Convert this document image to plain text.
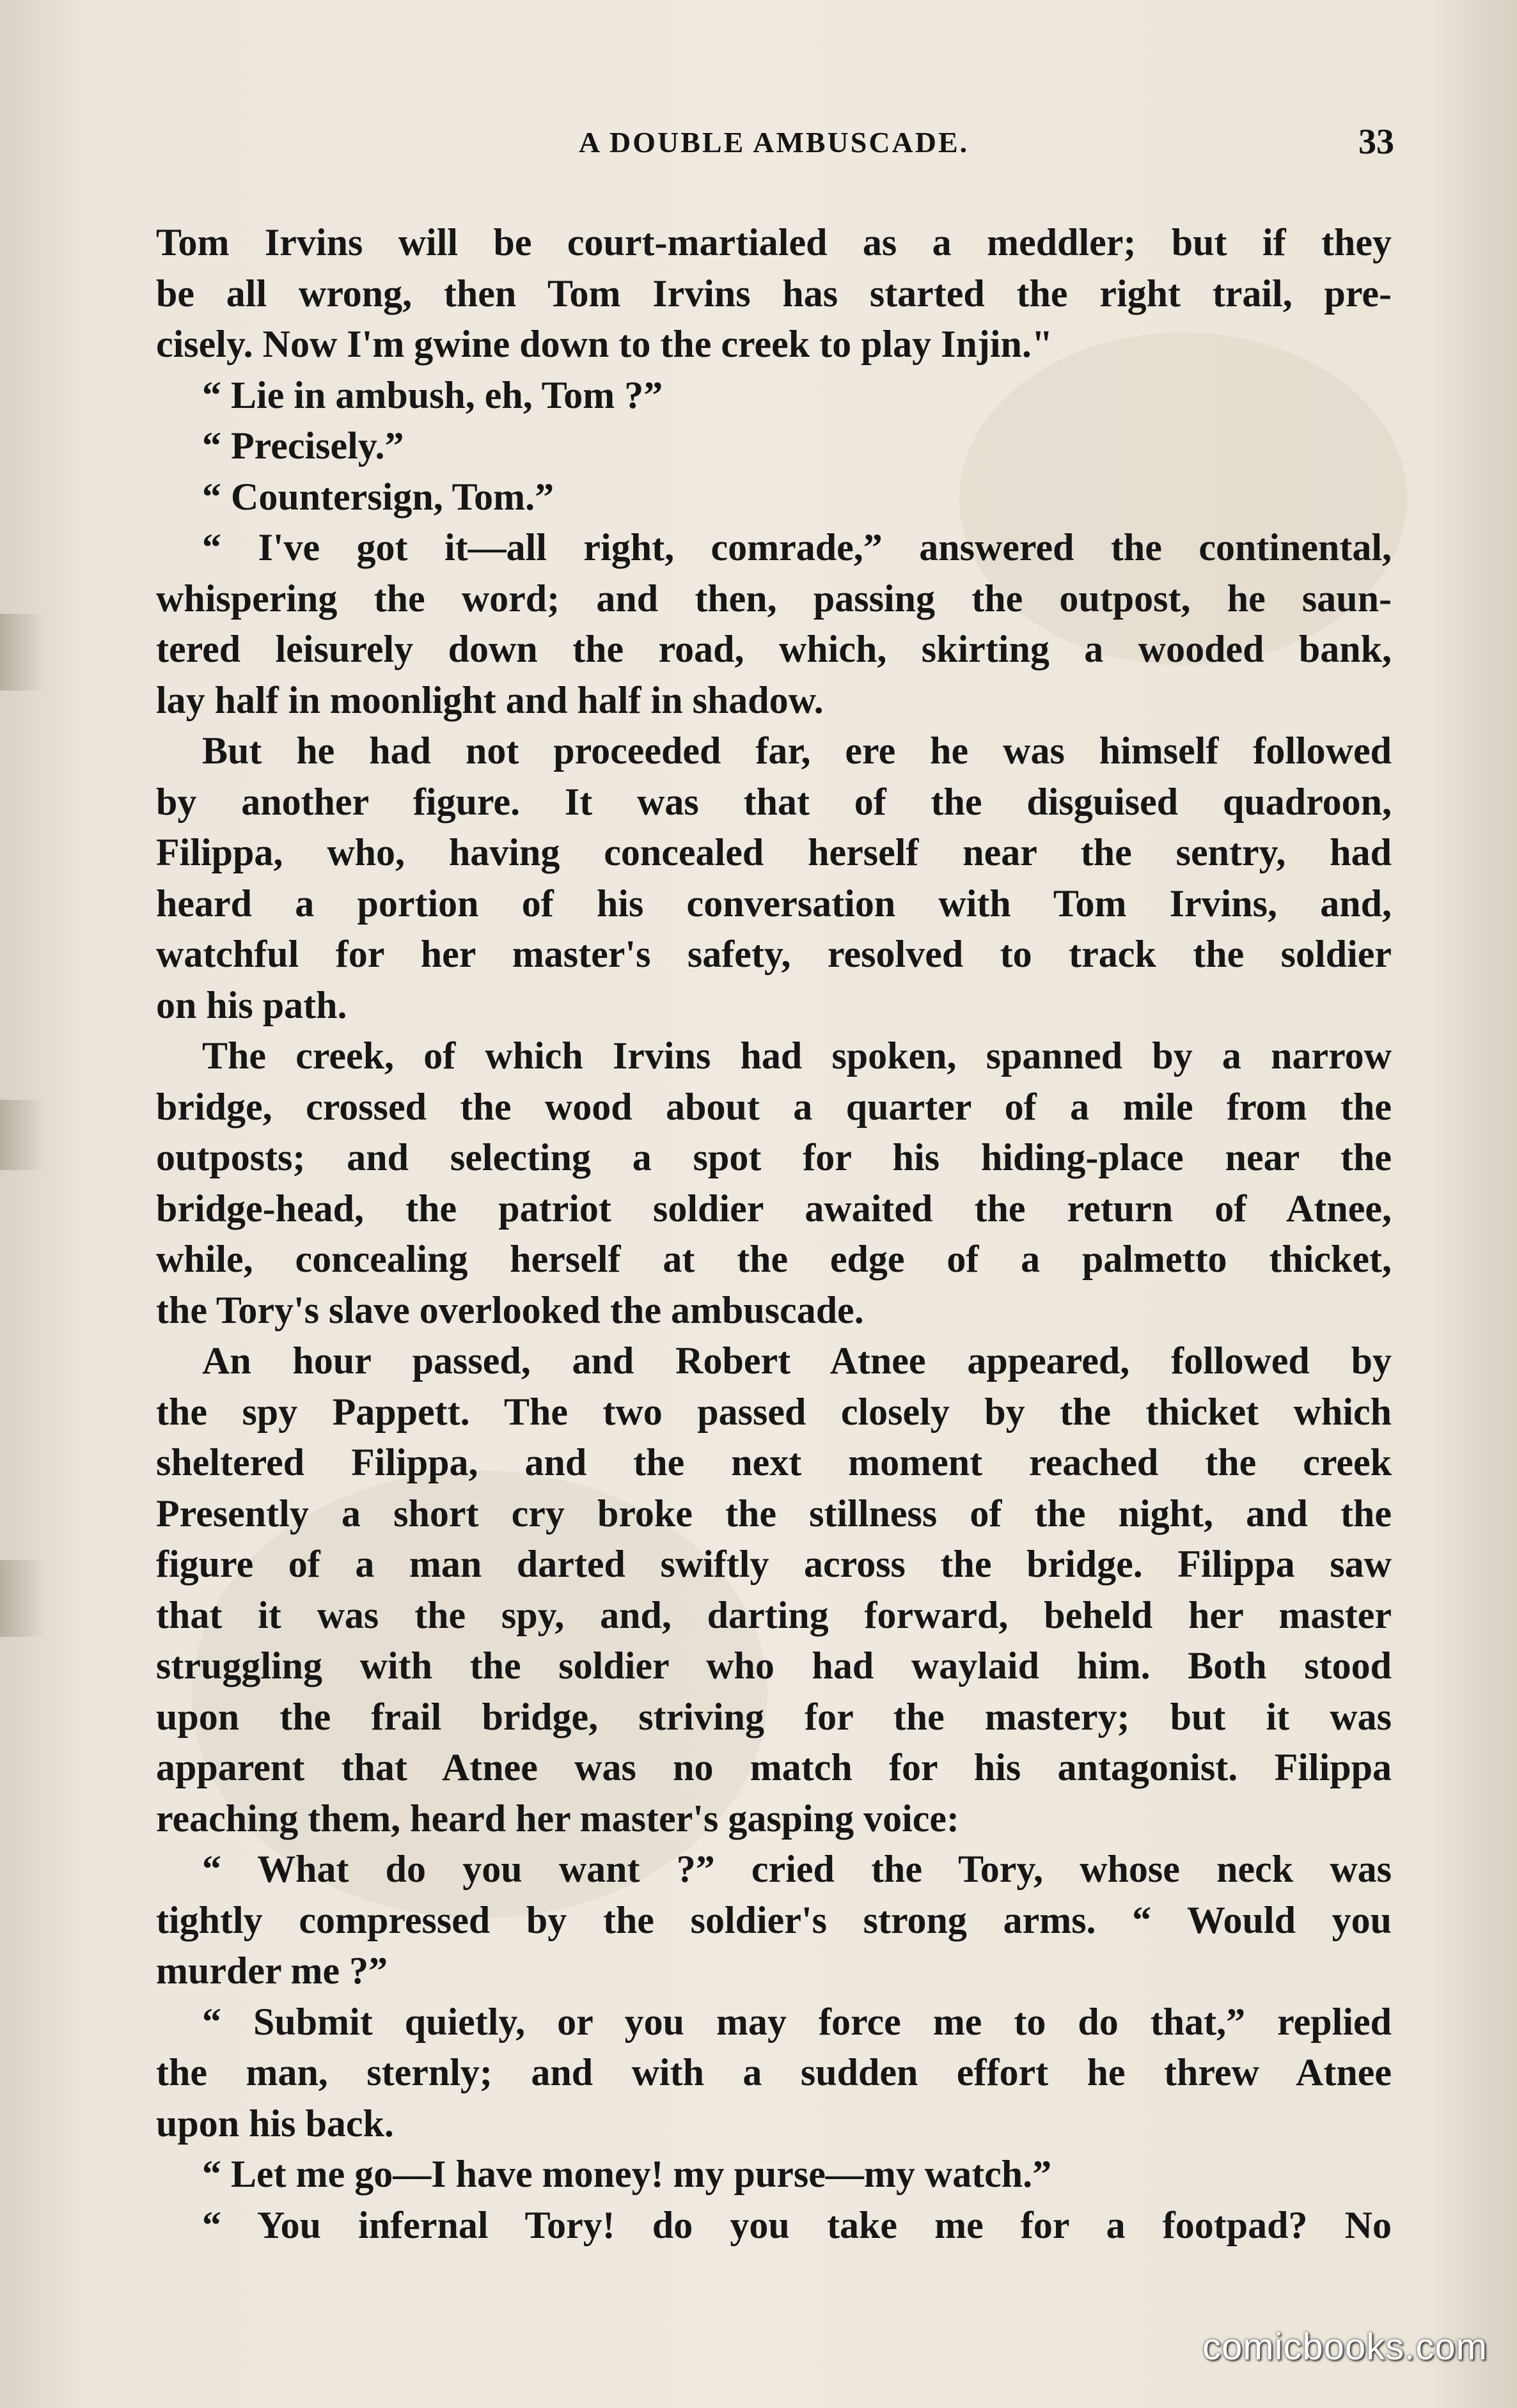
A DOUBLE AMBUSCADE.	33
Tom Irvins will be court-martialed as a meddler; but if they
be all wrong, then Tom Irvins has started the right trail, pre-
cisely. Now I'm gwine down to the creek to play Injin."
“ Lie in ambush, eh, Tom ?”
“ Precisely.”
“ Countersign, Tom.”
“ I've got it—all right, comrade,” answered the continental,
whispering the word; and then, passing the outpost, he saun-
tered leisurely down the road, which, skirting a wooded bank,
lay half in moonlight and half in shadow.
But he had not proceeded far, ere he was himself followed
by another figure. It was that of the disguised quadroon,
Filippa, who, having concealed herself near the sentry, had
heard a portion of his conversation with Tom Irvins, and,
watchful for her master's safety, resolved to track the soldier
on his path.
The creek, of which Irvins had spoken, spanned by a narrow
bridge, crossed the wood about a quarter of a mile from the
outposts; and selecting a spot for his hiding-place near the
bridge-head, the patriot soldier awaited the return of Atnee,
while, concealing herself at the edge of a palmetto thicket,
the Tory's slave overlooked the ambuscade.
An hour passed, and Robert Atnee appeared, followed by
the spy Pappett. The two passed closely by the thicket which
sheltered Filippa, and the next moment reached the creek
Presently a short cry broke the stillness of the night, and the
figure of a man darted swiftly across the bridge. Filippa saw
that it was the spy, and, darting forward, beheld her master
struggling with the soldier who had waylaid him. Both stood
upon the frail bridge, striving for the mastery; but it was
apparent that Atnee was no match for his antagonist. Filippa
reaching them, heard her master's gasping voice:
“ What do you want ?” cried the Tory, whose neck was
tightly compressed by the soldier's strong arms. “ Would you
murder me ?”
“ Submit quietly, or you may force me to do that,” replied
the man, sternly; and with a sudden effort he threw Atnee
upon his back.
“ Let me go—I have money! my purse—my watch.”
“ You infernal Tory! do you take me for a footpad? No
comicbooks.com
